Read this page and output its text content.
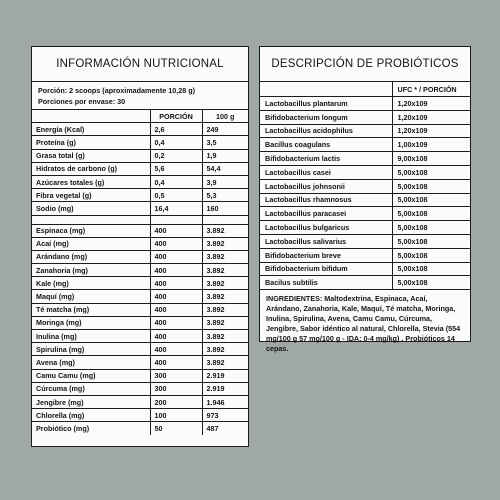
INFORMACIÓN NUTRICIONAL
Porción: 2 scoops (aproximadamente 10,28 g)
Porciones por envase: 30
	PORCIÓN	100 g
Energía (Kcal)	2,6	249
Proteína (g)	0,4	3,5
Grasa total (g)	0,2	1,9
Hidratos de carbono (g)	5,6	54,4
Azúcares totales (g)	0,4	3,9
Fibra vegetal (g)	0,5	5,3
Sodio (mg)	16,4	160

Espinaca (mg)	400	3.892
Acaí (mg)	400	3.892
Arándano (mg)	400	3.892
Zanahoria (mg)	400	3.892
Kale (mg)	400	3.892
Maquí (mg)	400	3.892
Té matcha (mg)	400	3.892
Moringa (mg)	400	3.892
Inulina (mg)	400	3.892
Spirulina (mg)	400	3.892
Avena (mg)	400	3.892
Camu Camu (mg)	300	2.919
Cúrcuma (mg)	300	2.919
Jengibre (mg)	200	1.946
Chlorella (mg)	100	973
Probiótico (mg)	50	487
DESCRIPCIÓN DE PROBIÓTICOS
	UFC * / PORCIÓN
Lactobacillus plantarum	1,20x109
Bifidobacterium longum	1,20x109
Lactobacillus acidophilus	1,20x109
Bacillus coagulans	1,00x109
Bifidobacterium lactis	9,00x108
Lactobacillus casei	5,00x108
Lactobacillus johnsonii	5,00x108
Lactobacillus rhamnosus	5,00x108
Lactobacillus paracasei	5,00x108
Lactobacillus bulgaricus	5,00x108
Lactobacillus salivarius	5,00x108
Bifidobacterium breve	5,00x108
Bifidobacterium bifidum	5,00x108
Bacilus subtilis	5,00x108
INGREDIENTES: Maltodextrina, Espinaca, Acaí, Arándano, Zanahoria, Kale, Maquí, Té matcha, Moringa, Inulina, Spirulina, Avena, Camu Camu, Cúrcuma, Jengibre, Sabor idéntico al natural, Chlorella, Stevia (554 mg/100 g 57 mg/100 g - IDA: 0-4 mg/kg) , Probióticos 14 cepas.
